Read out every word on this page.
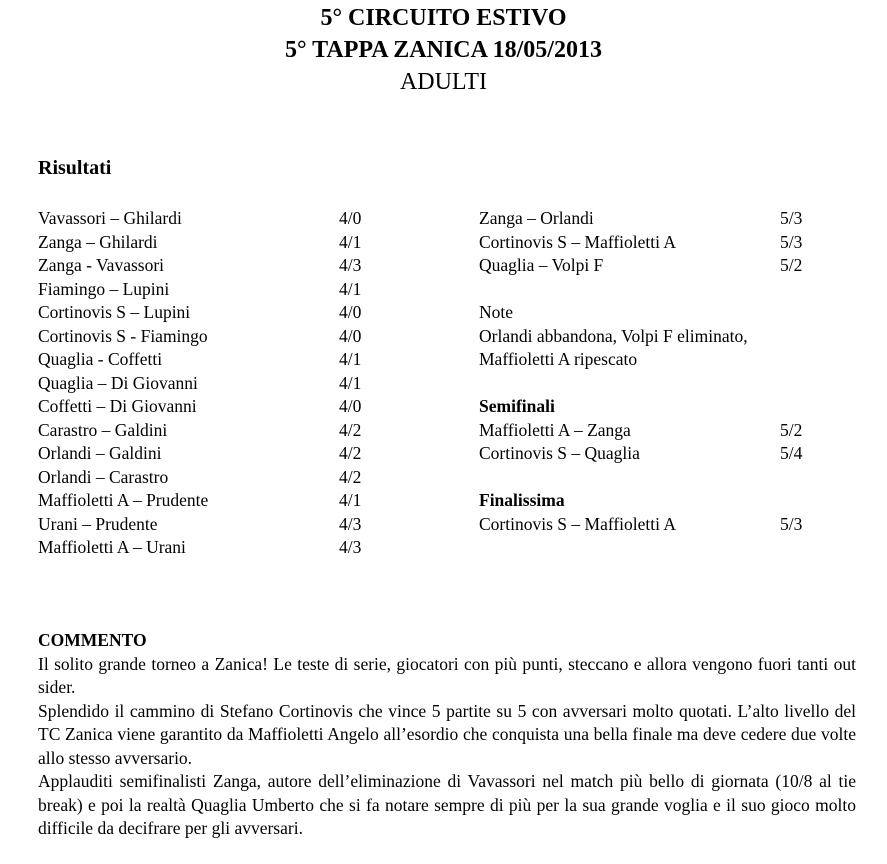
5° CIRCUITO ESTIVO
5° TAPPA ZANICA 18/05/2013
ADULTI
Risultati
Vavassori – Ghilardi	4/0
Zanga – Ghilardi	4/1
Zanga - Vavassori	4/3
Fiamingo – Lupini	4/1
Cortinovis S – Lupini	4/0
Cortinovis S - Fiamingo	4/0
Quaglia - Coffetti	4/1
Quaglia – Di Giovanni	4/1
Coffetti – Di Giovanni	4/0
Carastro – Galdini	4/2
Orlandi – Galdini	4/2
Orlandi – Carastro	4/2
Maffioletti A – Prudente	4/1
Urani – Prudente	4/3
Maffioletti A – Urani	4/3
Zanga – Orlandi	5/3
Cortinovis S – Maffioletti A	5/3
Quaglia – Volpi F	5/2
Note
Orlandi abbandona, Volpi F eliminato,
Maffioletti A ripescato
Semifinali
Maffioletti A – Zanga	5/2
Cortinovis S – Quaglia	5/4
Finalissima
Cortinovis S – Maffioletti A	5/3
COMMENTO

Il solito grande torneo a Zanica! Le teste di serie, giocatori con più punti, steccano e allora vengono fuori tanti out sider.

Splendido il cammino di Stefano Cortinovis che vince 5 partite su 5 con avversari molto quotati. L’alto livello del TC Zanica viene garantito da Maffioletti Angelo all’esordio che conquista una bella finale ma deve cedere due volte allo stesso avversario.

Applauditi semifinalisti Zanga, autore dell’eliminazione di Vavassori nel match più bello di giornata (10/8 al tie break) e poi la realtà Quaglia Umberto che si fa notare sempre di più per la sua grande voglia e il suo gioco molto difficile da decifrare per gli avversari.
